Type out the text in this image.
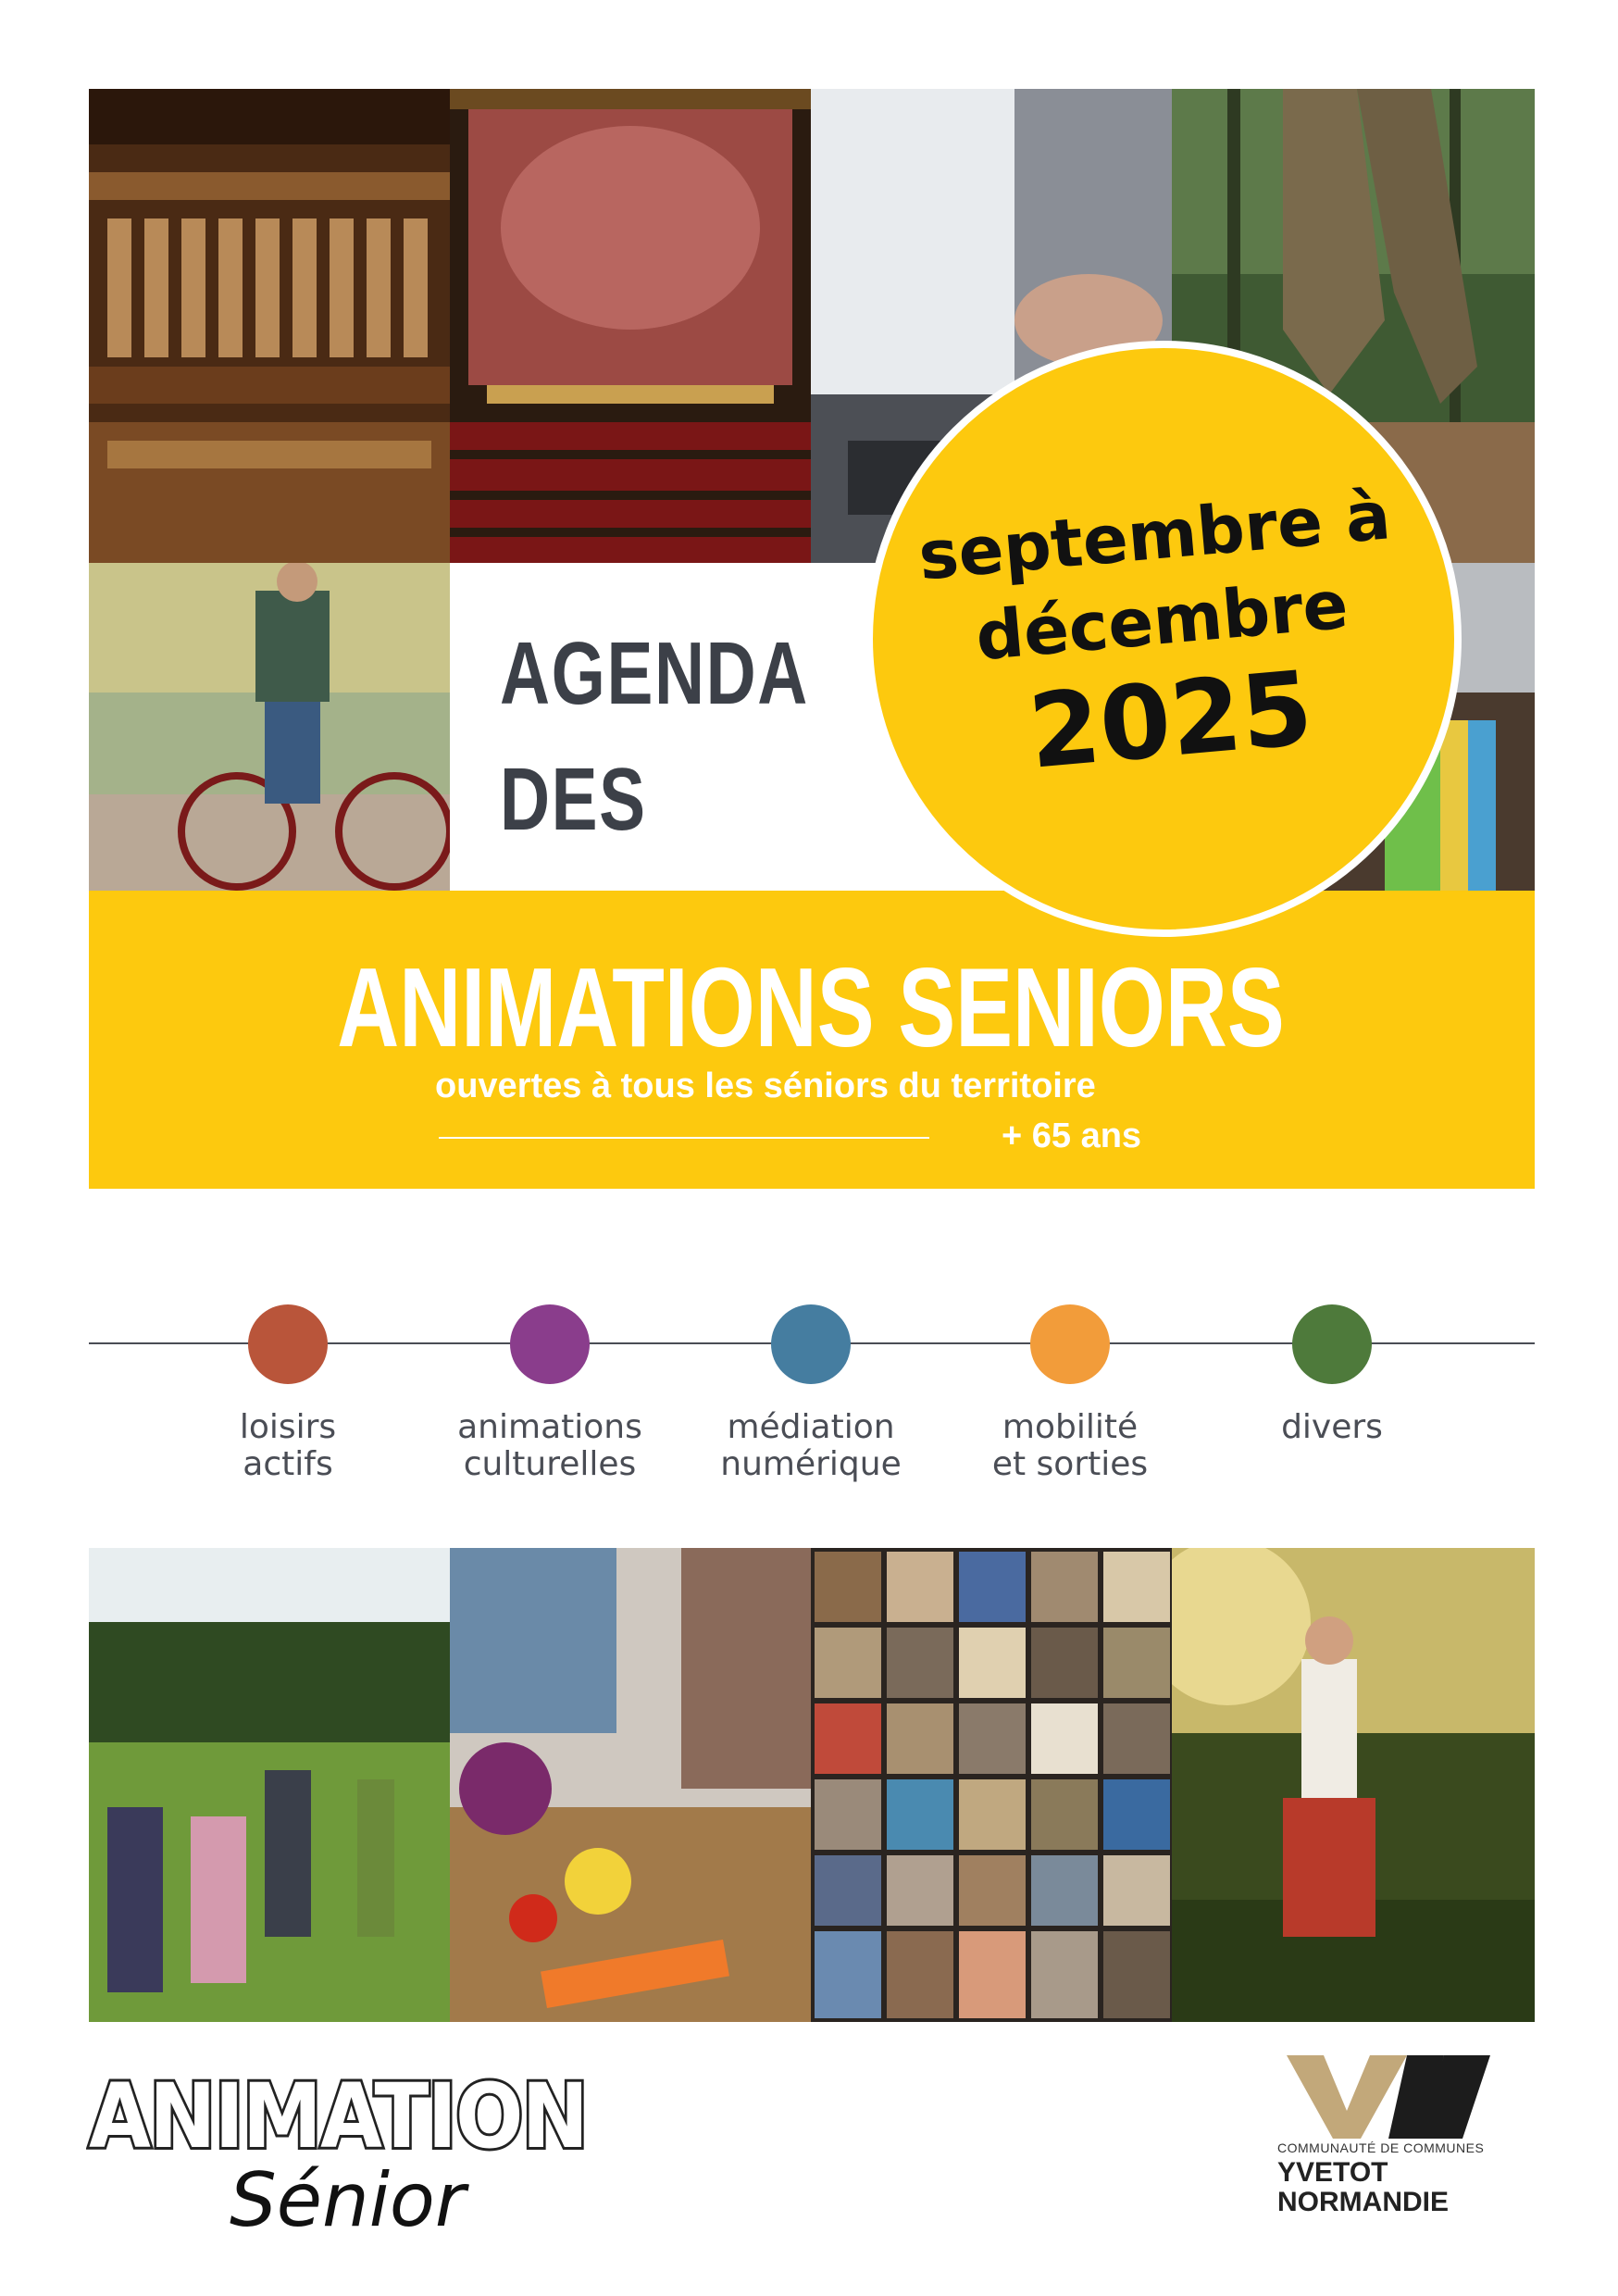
AGENDA
DES
ANIMATIONS SENIORS
ouvertes à tous les séniors du territoire
+ 65 ans
septembre à
décembre
2025
loisirs
actifs
animations
culturelles
médiation
numérique
mobilité
et sorties
divers
ANIMATION
Sénior
COMMUNAUTÉ DE COMMUNES
YVETOT
NORMANDIE
